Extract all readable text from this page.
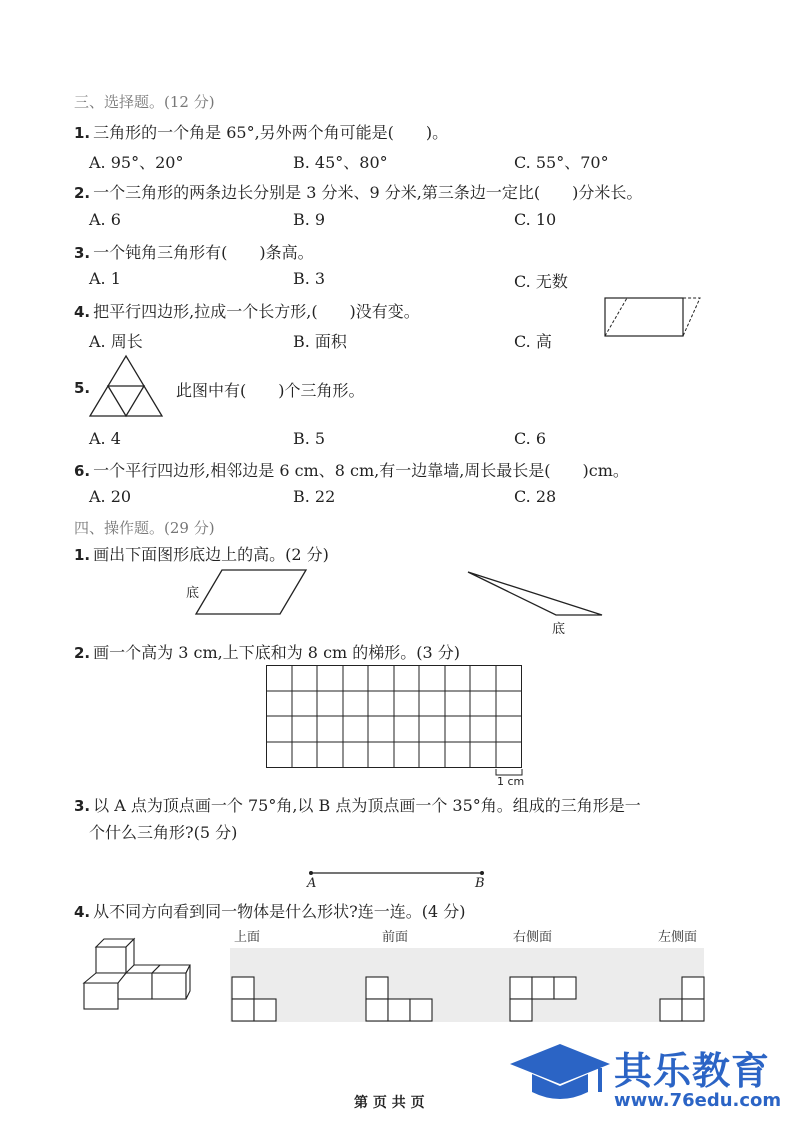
三、选择题。(12 分)
1. 三角形的一个角是 65°,另外两个角可能是(　　)。
A. 95°、20°	B. 45°、80°	C. 55°、70°
2. 一个三角形的两条边长分别是 3 分米、9 分米,第三条边一定比(　　)分米长。
A. 6	B. 9	C. 10
3. 一个钝角三角形有(　　)条高。
A. 1	B. 3	C. 无数
4. 把平行四边形,拉成一个长方形,(　　)没有变。
A. 周长	B. 面积	C. 高
5.	此图中有(　　)个三角形。
A. 4	B. 5	C. 6
6. 一个平行四边形,相邻边是 6 cm、8 cm,有一边靠墙,周长最长是(　　)cm。
A. 20	B. 22	C. 28
四、操作题。(29 分)
1. 画出下面图形底边上的高。(2 分)
底
底
2. 画一个高为 3 cm,上下底和为 8 cm 的梯形。(3 分)
1 cm
3. 以 A 点为顶点画一个 75°角,以 B 点为顶点画一个 35°角。组成的三角形是一
个什么三角形?(5 分)
A	B
4. 从不同方向看到同一物体是什么形状?连一连。(4 分)
上面	前面	右侧面	左侧面
其乐教育
www.76edu.com
第 页 共 页
